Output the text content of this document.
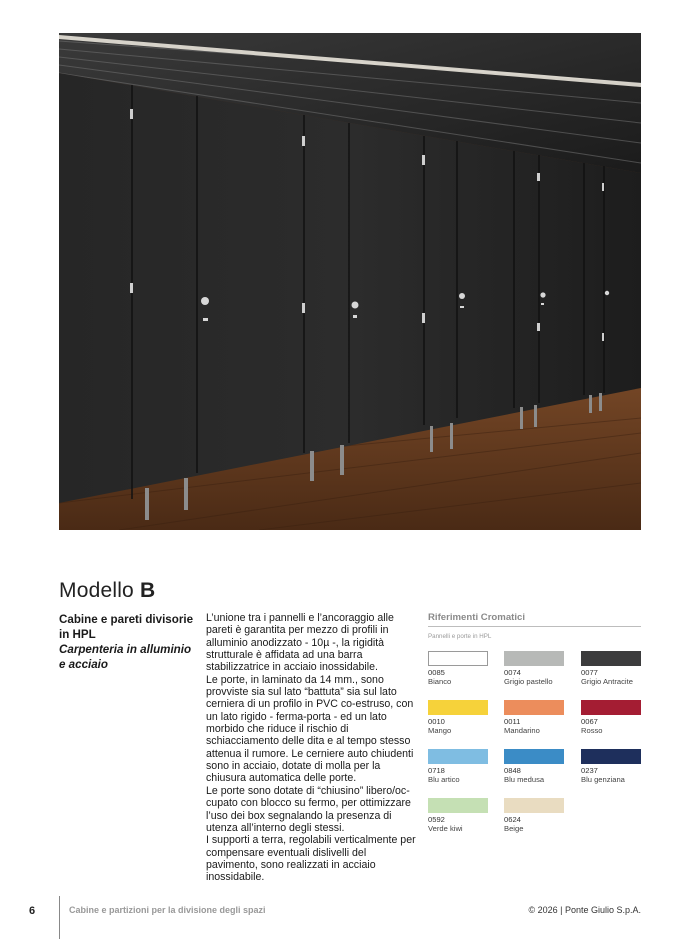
Modello B
Cabine e pareti divisorie in HPL
Carpenteria in alluminio e acciaio

L’unione tra i pannelli e l’ancoraggio alle pareti è garantita per mezzo di profili in alluminio anodizzato - 10µ -, la rigidità strutturale è affidata ad una barra stabilizzatrice in acciaio inossidabile.

Le porte, in laminato da 14 mm., sono provviste sia sul lato “battuta” sia sul lato cerniera di un profilo in PVC co-estruso, con un lato rigido - ferma-porta - ed un lato morbido che riduce il rischio di schiacciamento delle dita e al tempo stesso attenua il rumore. Le cerniere auto chiudenti sono in acciaio, dotate di molla per la chiusura automatica delle porte.

Le porte sono dotate di “chiusino” libero/oc-cupato con blocco su fermo, per ottimizzare l’uso dei box segnalando la presenza di utenza all’interno degli stessi.

I supporti a terra, regolabili verticalmente per compensare eventuali dislivelli del pavimento, sono realizzati in acciaio inossidabile.

Riferimenti Cromatici
Pannelli e porte in HPL
0085
Bianco
0074
Grigio pastello
0077
Grigio Antracite
0010
Mango
0011
Mandarino
0067
Rosso
0718
Blu artico
0848
Blu medusa
0237
Blu genziana
0592
Verde kiwi
0624
Beige
6	Cabine e partizioni per la divisione degli spazi	© 2026 | Ponte Giulio S.p.A.
